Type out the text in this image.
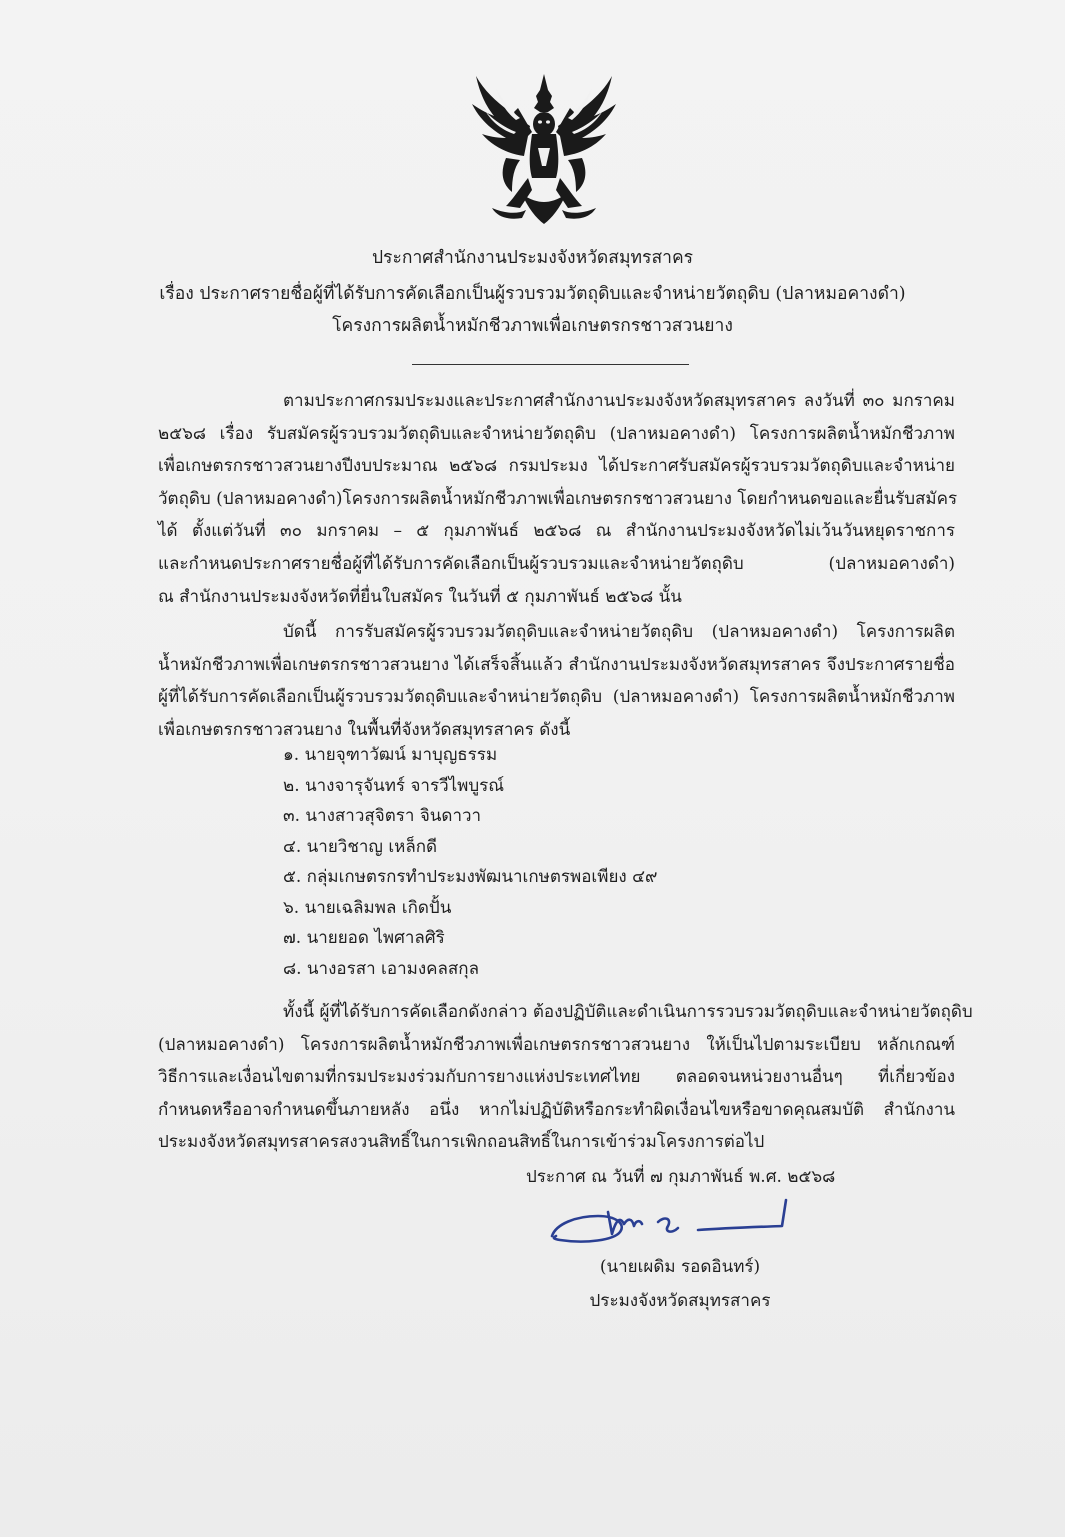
ประกาศสำนักงานประมงจังหวัดสมุทรสาคร
เรื่อง ประกาศรายชื่อผู้ที่ได้รับการคัดเลือกเป็นผู้รวบรวมวัตถุดิบและจำหน่ายวัตถุดิบ (ปลาหมอคางดำ)
โครงการผลิตน้ำหมักชีวภาพเพื่อเกษตรกรชาวสวนยาง
ตามประกาศกรมประมงและประกาศสำนักงานประมงจังหวัดสมุทรสาคร ลงวันที่ ๓๐ มกราคม
๒๕๖๘ เรื่อง รับสมัครผู้รวบรวมวัตถุดิบและจำหน่ายวัตถุดิบ (ปลาหมอคางดำ) โครงการผลิตน้ำหมักชีวภาพ
เพื่อเกษตรกรชาวสวนยางปีงบประมาณ ๒๕๖๘ กรมประมง ได้ประกาศรับสมัครผู้รวบรวมวัตถุดิบและจำหน่าย
วัตถุดิบ (ปลาหมอคางดำ)โครงการผลิตน้ำหมักชีวภาพเพื่อเกษตรกรชาวสวนยาง โดยกำหนดขอและยื่นรับสมัคร
ได้ ตั้งแต่วันที่ ๓๐ มกราคม – ๕ กุมภาพันธ์ ๒๕๖๘ ณ สำนักงานประมงจังหวัดไม่เว้นวันหยุดราชการ
และกำหนดประกาศรายชื่อผู้ที่ได้รับการคัดเลือกเป็นผู้รวบรวมและจำหน่ายวัตถุดิบ (ปลาหมอคางดำ)
ณ สำนักงานประมงจังหวัดที่ยื่นใบสมัคร ในวันที่ ๕ กุมภาพันธ์ ๒๕๖๘ นั้น
บัดนี้ การรับสมัครผู้รวบรวมวัตถุดิบและจำหน่ายวัตถุดิบ (ปลาหมอคางดำ) โครงการผลิต
น้ำหมักชีวภาพเพื่อเกษตรกรชาวสวนยาง ได้เสร็จสิ้นแล้ว สำนักงานประมงจังหวัดสมุทรสาคร จึงประกาศรายชื่อ
ผู้ที่ได้รับการคัดเลือกเป็นผู้รวบรวมวัตถุดิบและจำหน่ายวัตถุดิบ (ปลาหมอคางดำ) โครงการผลิตน้ำหมักชีวภาพ
เพื่อเกษตรกรชาวสวนยาง ในพื้นที่จังหวัดสมุทรสาคร ดังนี้
๑. นายจุฑาวัฒน์ มาบุญธรรม
๒. นางจารุจันทร์ จารวีไพบูรณ์
๓. นางสาวสุจิตรา จินดาวา
๔. นายวิชาญ เหล็กดี
๕. กลุ่มเกษตรกรทำประมงพัฒนาเกษตรพอเพียง ๔๙
๖. นายเฉลิมพล เกิดปั้น
๗. นายยอด ไพศาลศิริ
๘. นางอรสา เอามงคลสกุล
ทั้งนี้ ผู้ที่ได้รับการคัดเลือกดังกล่าว ต้องปฏิบัติและดำเนินการรวบรวมวัตถุดิบและจำหน่ายวัตถุดิบ
(ปลาหมอคางดำ) โครงการผลิตน้ำหมักชีวภาพเพื่อเกษตรกรชาวสวนยาง ให้เป็นไปตามระเบียบ หลักเกณฑ์
วิธีการและเงื่อนไขตามที่กรมประมงร่วมกับการยางแห่งประเทศไทย ตลอดจนหน่วยงานอื่นๆ ที่เกี่ยวข้อง
กำหนดหรืออาจกำหนดขึ้นภายหลัง อนึ่ง หากไม่ปฏิบัติหรือกระทำผิดเงื่อนไขหรือขาดคุณสมบัติ สำนักงาน
ประมงจังหวัดสมุทรสาครสงวนสิทธิ์ในการเพิกถอนสิทธิ์ในการเข้าร่วมโครงการต่อไป
ประกาศ ณ วันที่ ๗ กุมภาพันธ์ พ.ศ. ๒๕๖๘
(นายเผดิม รอดอินทร์)
ประมงจังหวัดสมุทรสาคร
